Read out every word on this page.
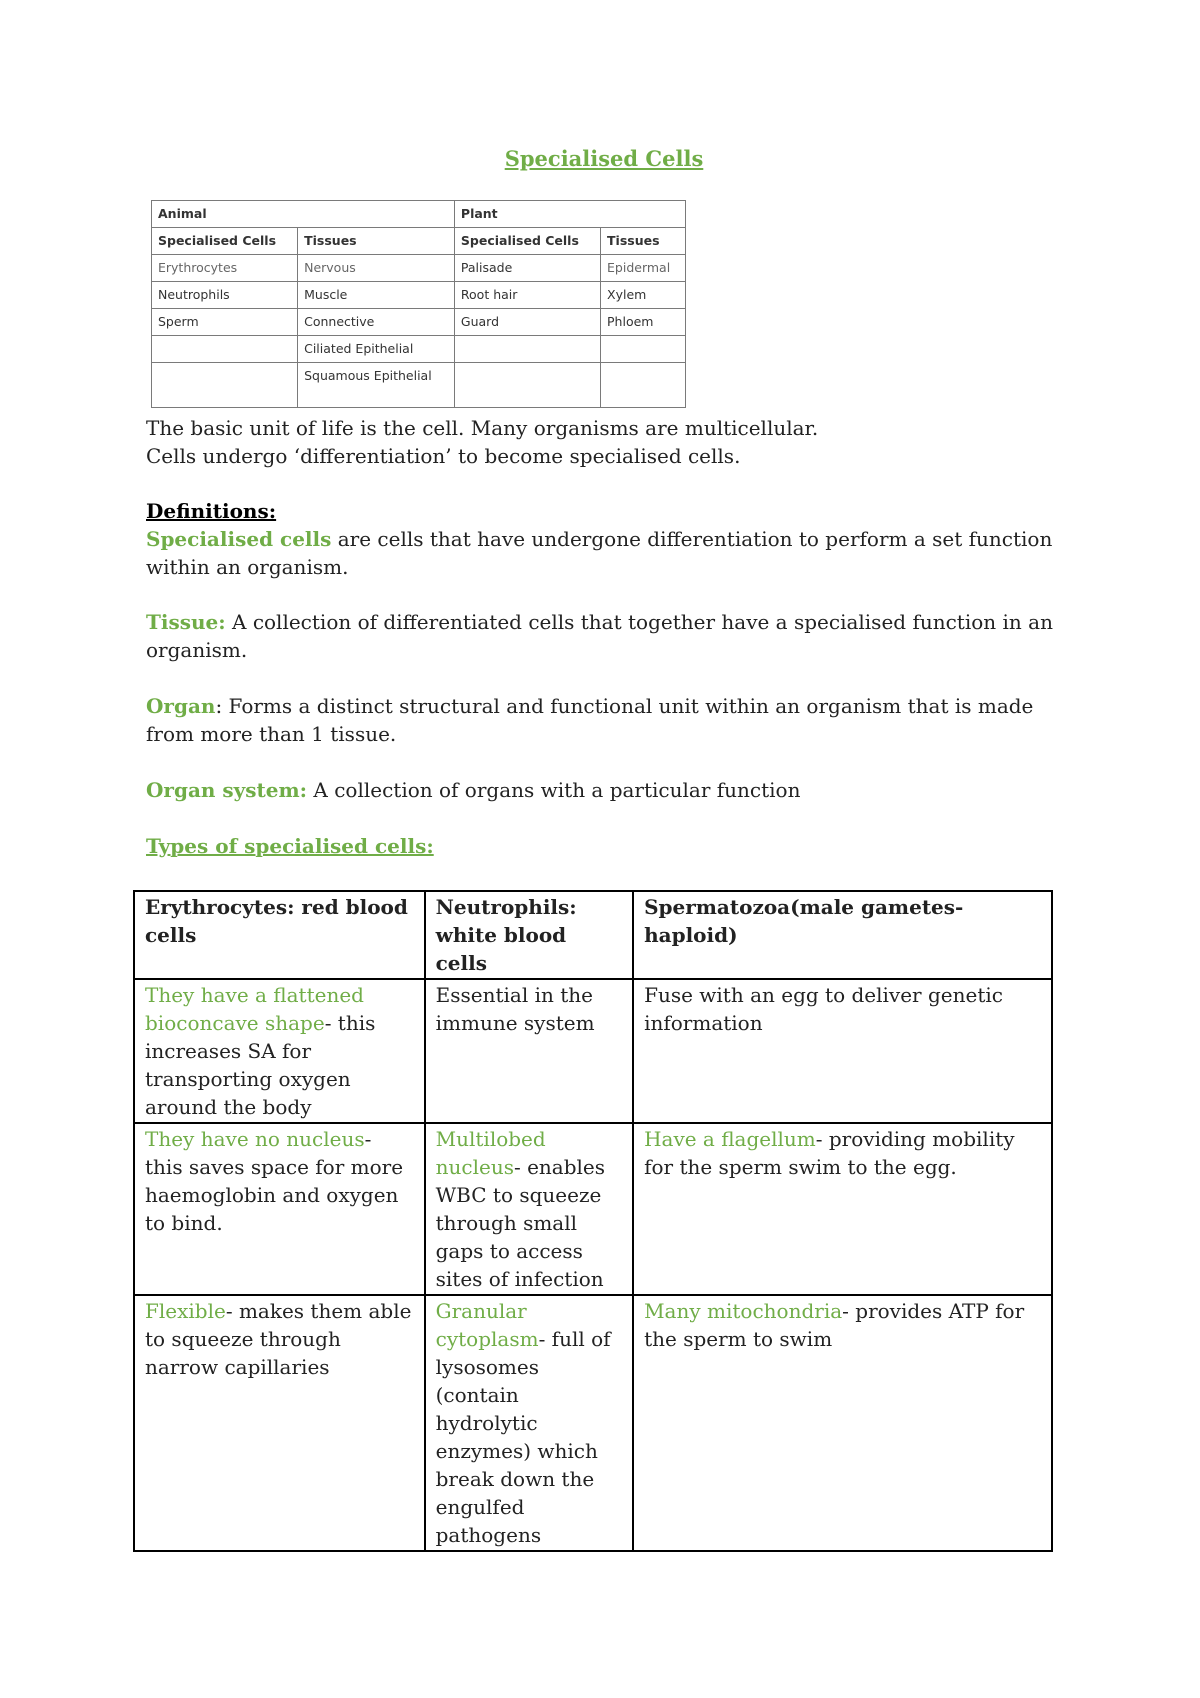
Specialised Cells
Animal		Plant	
Specialised Cells	Tissues	Specialised Cells	Tissues
Erythrocytes	Nervous	Palisade	Epidermal
Neutrophils	Muscle	Root hair	Xylem
Sperm	Connective	Guard	Phloem
	Ciliated Epithelial		
	Squamous Epithelial		

The basic unit of life is the cell. Many organisms are multicellular.

Cells undergo ‘differentiation’ to become specialised cells.

Definitions:

Specialised cells are cells that have undergone differentiation to perform a set function within an organism.

Tissue: A collection of differentiated cells that together have a specialised function in an organism.

Organ: Forms a distinct structural and functional unit within an organism that is made from more than 1 tissue.

Organ system: A collection of organs with a particular function

Types of specialised cells:

Erythrocytes: red blood cells	Neutrophils: white blood cells	Spermatozoa(male gametes-haploid)
They have a flattened bioconcave shape- this increases SA for transporting oxygen around the body	Essential in the immune system	Fuse with an egg to deliver genetic information
They have no nucleus- this saves space for more haemoglobin and oxygen to bind.	Multilobed nucleus- enables WBC to squeeze through small gaps to access sites of infection	Have a flagellum- providing mobility for the sperm swim to the egg.
Flexible- makes them able to squeeze through narrow capillaries	Granular cytoplasm- full of lysosomes (contain hydrolytic enzymes) which break down the engulfed pathogens	Many mitochondria- provides ATP for the sperm to swim
